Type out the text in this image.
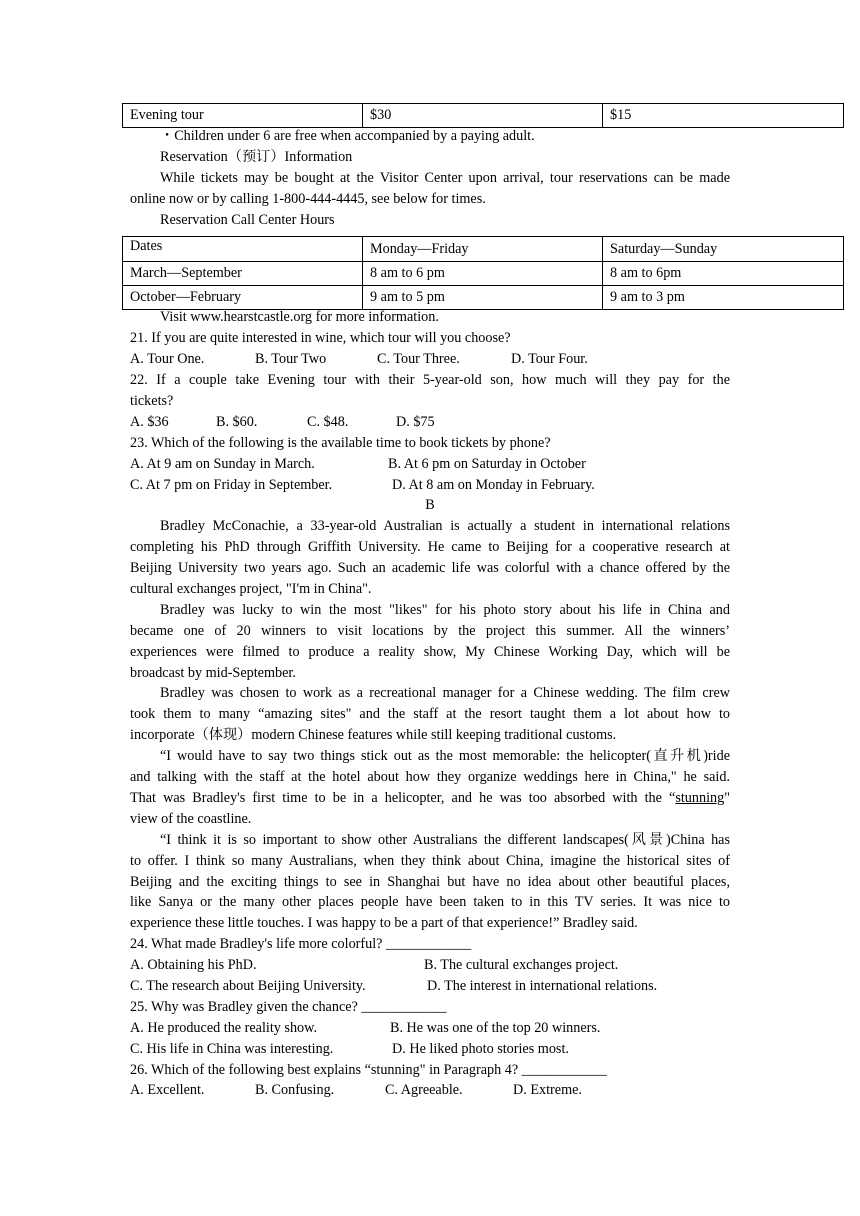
Evening tour	$30	$15
・Children under 6 are free when accompanied by a paying adult.
Reservation（预订）Information
While tickets may be bought at the Visitor Center upon arrival, tour reservations can be made
online now or by calling 1-800-444-4445, see below for times.
Reservation Call Center Hours
Visit www.hearstcastle.org for more information.
21. If you are quite interested in wine, which tour will you choose?
A. Tour One.	B. Tour Two	C. Tour Three.	D. Tour Four.
22. If a couple take Evening tour with their 5-year-old son, how much will they pay for the
tickets?
A. $36	B. $60.	C. $48.	D. $75
23. Which of the following is the available time to book tickets by phone?
A. At 9 am on Sunday in March.	B. At 6 pm on Saturday in October
C. At 7 pm on Friday in September.	D. At 8 am on Monday in February.
B
Bradley McConachie, a 33-year-old Australian is actually a student in international relations
completing his PhD through Griffith University. He came to Beijing for a cooperative research at
Beijing University two years ago. Such an academic life was colorful with a chance offered by the
cultural exchanges project, "I'm in China".
Bradley was lucky to win the most "likes" for his photo story about his life in China and
became one of 20 winners to visit locations by the project this summer. All the winners’
experiences were filmed to produce a reality show, My Chinese Working Day, which will be
broadcast by mid-September.
Bradley was chosen to work as a recreational manager for a Chinese wedding. The film crew
took them to many “amazing sites" and the staff at the resort taught them a lot about how to
incorporate（体现）modern Chinese features while still keeping traditional customs.
“I would have to say two things stick out as the most memorable: the helicopter(直升机)ride
and talking with the staff at the hotel about how they organize weddings here in China," he said.
That was Bradley's first time to be in a helicopter, and he was too absorbed with the “stunning"
view of the coastline.
“I think it is so important to show other Australians the different landscapes(风景)China has
to offer. I think so many Australians, when they think about China, imagine the historical sites of
Beijing and the exciting things to see in Shanghai but have no idea about other beautiful places,
like Sanya or the many other places people have been taken to in this TV series. It was nice to
experience these little touches. I was happy to be a part of that experience!” Bradley said.
24. What made Bradley's life more colorful? ____________
A. Obtaining his PhD.	B. The cultural exchanges project.
C. The research about Beijing University.	D. The interest in international relations.
25. Why was Bradley given the chance? ____________
A. He produced the reality show.	B. He was one of the top 20 winners.
C. His life in China was interesting.	D. He liked photo stories most.
26. Which of the following best explains “stunning" in Paragraph 4? ____________
A. Excellent.	B. Confusing.	C. Agreeable.	D. Extreme.
Dates	Monday—Friday	Saturday—Sunday
March—September	8 am to 6 pm	8 am to 6pm
October—February	9 am to 5 pm	9 am to 3 pm
